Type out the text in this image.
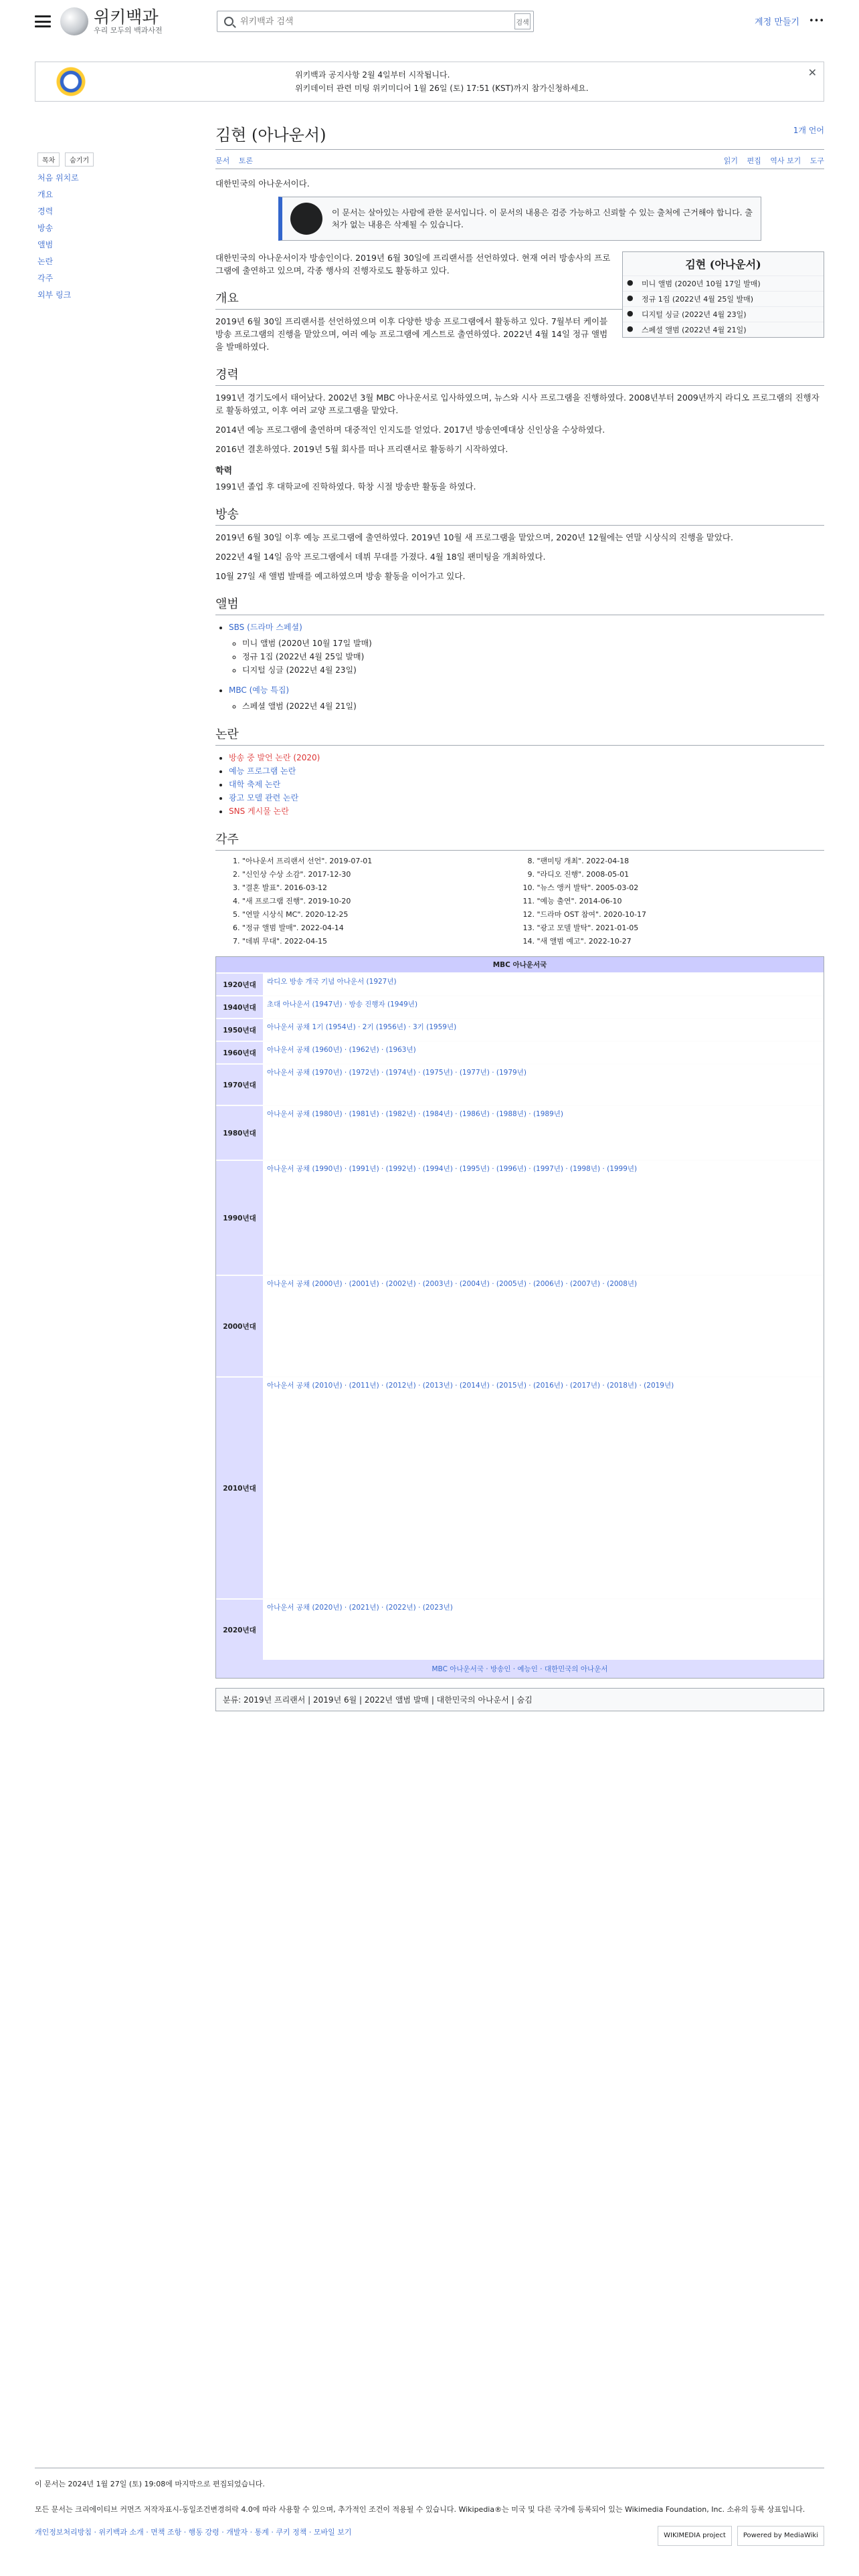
위키백과
우리 모두의 백과사전
위키백과 검색
검색	계정 만들기 •••
위키백과 공지사항 2월 4일부터 시작됩니다.
위키데이터 관련 미팅 위키미디어 1월 26일 (토) 17:51 (KST)까지 참가신청하세요.
✕
목차 숨기기
처음 위치로
개요
경력
방송
앨범
논란
각주
외부 링크
1개 언어
김현 (아나운서)
문서 토론	읽기 편집 역사 보기 도구

대한민국의 아나운서이다.

이 문서는 살아있는 사람에 관한 문서입니다. 이 문서의 내용은 검증 가능하고 신뢰할 수 있는 출처에 근거해야 합니다. 출처가 없는 내용은 삭제될 수 있습니다.
김현 (아나운서)
●	미니 앨범 (2020년 10월 17일 발매)
●	정규 1집 (2022년 4월 25일 발매)
●	디지털 싱글 (2022년 4월 23일)
●	스페셜 앨범 (2022년 4월 21일)

대한민국의 아나운서이자 방송인이다. 2019년 6월 30일에 프리랜서를 선언하였다. 현재 여러 방송사의 프로그램에 출연하고 있으며, 각종 행사의 진행자로도 활동하고 있다.

개요

2019년 6월 30일 프리랜서를 선언하였으며 이후 다양한 방송 프로그램에서 활동하고 있다. 7월부터 케이블 방송 프로그램의 진행을 맡았으며, 여러 예능 프로그램에 게스트로 출연하였다. 2022년 4월 14일 정규 앨범을 발매하였다.

경력

1991년 경기도에서 태어났다. 2002년 3월 MBC 아나운서로 입사하였으며, 뉴스와 시사 프로그램을 진행하였다. 2008년부터 2009년까지 라디오 프로그램의 진행자로 활동하였고, 이후 여러 교양 프로그램을 맡았다.

2014년 예능 프로그램에 출연하며 대중적인 인지도를 얻었다. 2017년 방송연예대상 신인상을 수상하였다.

2016년 결혼하였다. 2019년 5월 회사를 떠나 프리랜서로 활동하기 시작하였다.

학력

1991년 졸업 후 대학교에 진학하였다. 학창 시절 방송반 활동을 하였다.

방송

2019년 6월 30일 이후 예능 프로그램에 출연하였다. 2019년 10월 새 프로그램을 맡았으며, 2020년 12월에는 연말 시상식의 진행을 맡았다.

2022년 4월 14일 음악 프로그램에서 데뷔 무대를 가졌다. 4월 18일 팬미팅을 개최하였다.

10월 27일 새 앨범 발매를 예고하였으며 방송 활동을 이어가고 있다.

앨범
• SBS (드라마 스페셜)
◦ 미니 앨범 (2020년 10월 17일 발매)
◦ 정규 1집 (2022년 4월 25일 발매)
◦ 디지털 싱글 (2022년 4월 23일)
• MBC (예능 특집)
◦ 스페셜 앨범 (2022년 4월 21일)
논란
• 방송 중 발언 논란 (2020)
• 예능 프로그램 논란
• 대학 축제 논란
• 광고 모델 관련 논란
• SNS 게시물 논란
각주
1. "아나운서 프리랜서 선언". 2019-07-01
2. "신인상 수상 소감". 2017-12-30
3. "결혼 발표". 2016-03-12
4. "새 프로그램 진행". 2019-10-20
5. "연말 시상식 MC". 2020-12-25
6. "정규 앨범 발매". 2022-04-14
7. "데뷔 무대". 2022-04-15
8. "팬미팅 개최". 2022-04-18
9. "라디오 진행". 2008-05-01
10. "뉴스 앵커 발탁". 2005-03-02
11. "예능 출연". 2014-06-10
12. "드라마 OST 참여". 2020-10-17
13. "광고 모델 발탁". 2021-01-05
14. "새 앨범 예고". 2022-10-27
MBC 아나운서국
1920년대	라디오 방송 개국 기념 아나운서 (1927년)
1940년대	초대 아나운서 (1947년) · 방송 진행자 (1949년)
1950년대	아나운서 공채 1기 (1954년) · 2기 (1956년) · 3기 (1959년)
1960년대	아나운서 공채 (1960년) · (1962년) · (1963년)
1970년대
아나운서 공채 (1970년) · (1972년) · (1974년) · (1975년) · (1977년) · (1979년)
1980년대
아나운서 공채 (1980년) · (1981년) · (1982년) · (1984년) · (1986년) · (1988년) · (1989년)
1990년대
아나운서 공채 (1990년) · (1991년) · (1992년) · (1994년) · (1995년) · (1996년) · (1997년) · (1998년) · (1999년)
2000년대
아나운서 공채 (2000년) · (2001년) · (2002년) · (2003년) · (2004년) · (2005년) · (2006년) · (2007년) · (2008년)
2010년대
아나운서 공채 (2010년) · (2011년) · (2012년) · (2013년) · (2014년) · (2015년) · (2016년) · (2017년) · (2018년) · (2019년)
2020년대
아나운서 공채 (2020년) · (2021년) · (2022년) · (2023년)
MBC 아나운서국 · 방송인 · 예능인 · 대한민국의 아나운서
분류: 2019년 프리랜서 | 2019년 6월 | 2022년 앨범 발매 | 대한민국의 아나운서 | 숨김
이 문서는 2024년 1월 27일 (토) 19:08에 마지막으로 편집되었습니다.
모든 문서는 크리에이티브 커먼즈 저작자표시-동일조건변경허락 4.0에 따라 사용할 수 있으며, 추가적인 조건이 적용될 수 있습니다. Wikipedia®는 미국 및 다른 국가에 등록되어 있는 Wikimedia Foundation, Inc. 소유의 등록 상표입니다.
개인정보처리방침 · 위키백과 소개 · 면책 조항 · 행동 강령 · 개발자 · 통계 · 쿠키 정책 · 모바일 보기	WIKIMEDIA project	Powered by MediaWiki
